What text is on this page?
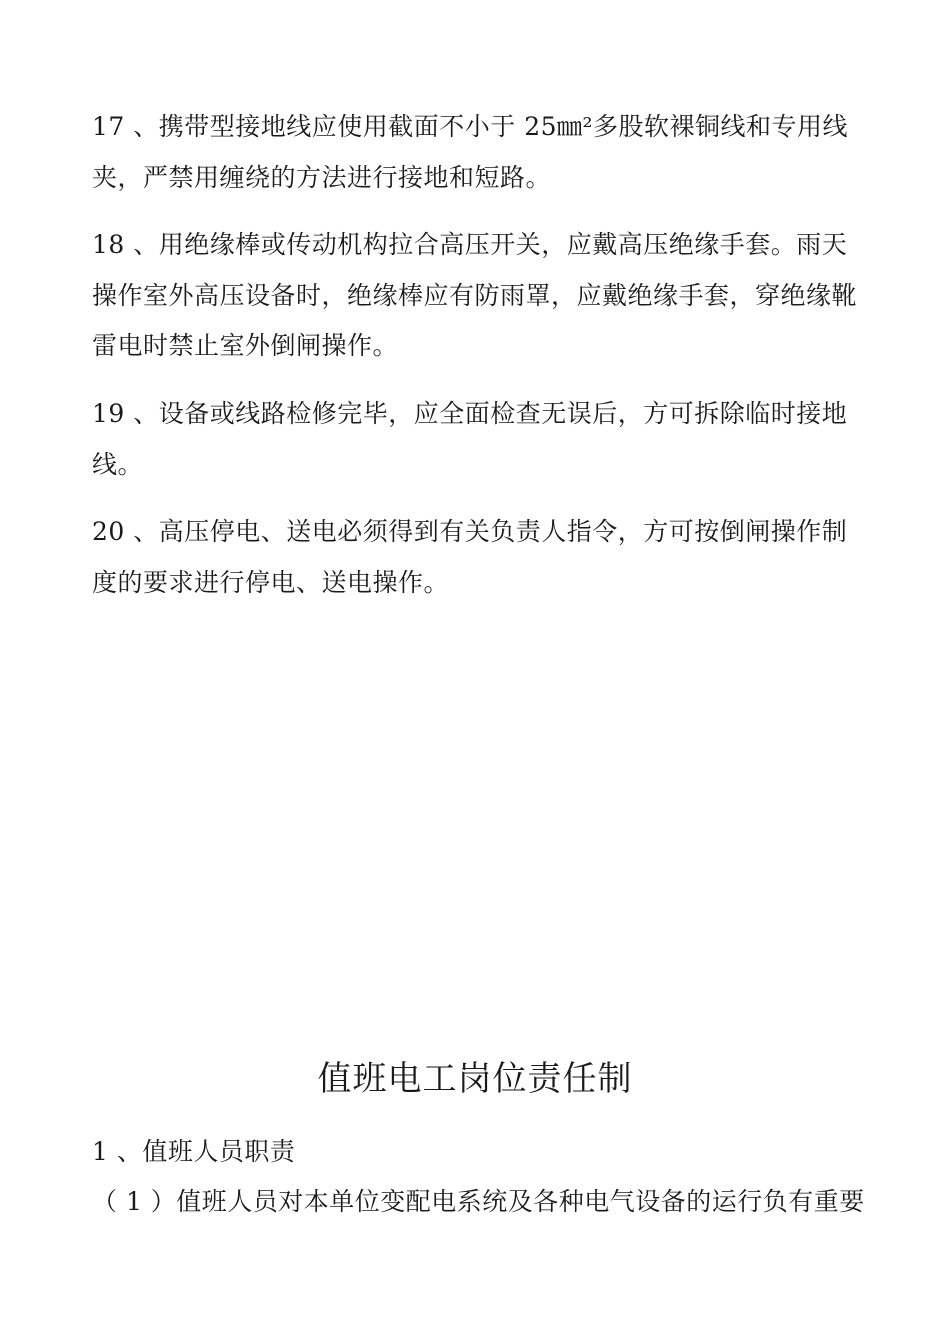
17 、携带型接地线应使用截面不小于 25㎜²多股软裸铜线和专用线
夹，严禁用缠绕的方法进行接地和短路。
18 、用绝缘棒或传动机构拉合高压开关，应戴高压绝缘手套。雨天
操作室外高压设备时，绝缘棒应有防雨罩，应戴绝缘手套，穿绝缘靴
雷电时禁止室外倒闸操作。
19 、设备或线路检修完毕，应全面检查无误后，方可拆除临时接地
线。
20 、高压停电、送电必须得到有关负责人指令，方可按倒闸操作制
度的要求进行停电、送电操作。
值班电工岗位责任制
1 、值班人员职责
（ 1 ）值班人员对本单位变配电系统及各种电气设备的运行负有重要
